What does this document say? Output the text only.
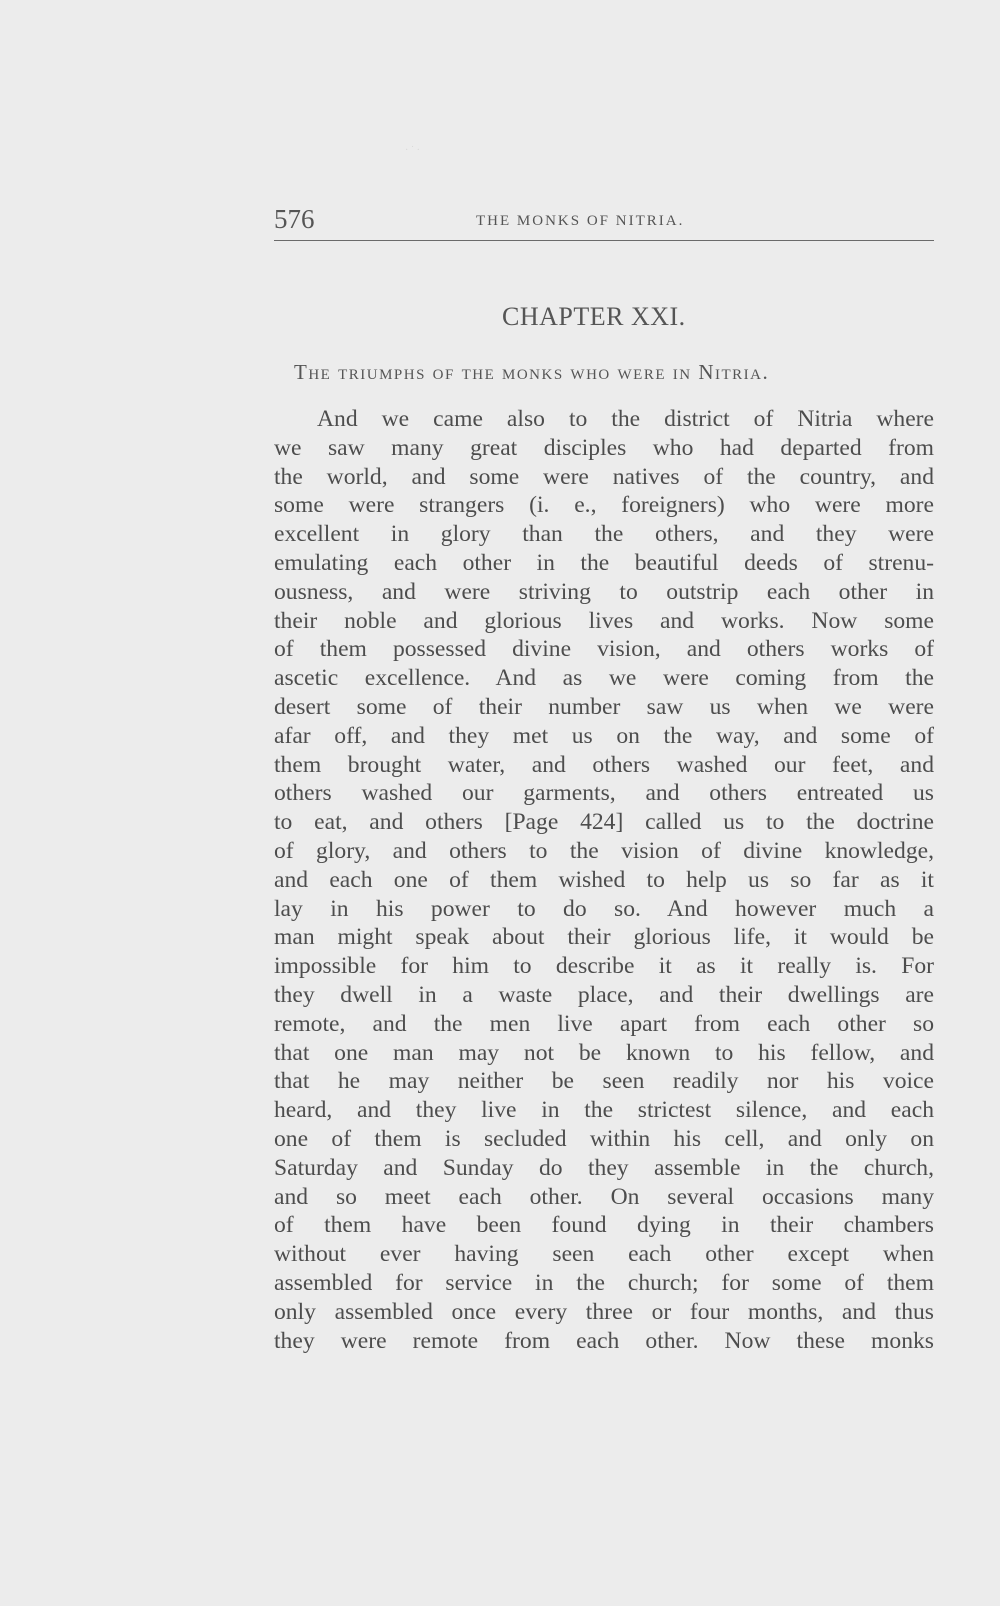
· ˙ ·
576	THE MONKS OF NITRIA.
CHAPTER XXI.
The triumphs of the monks who were in Nitria.
And we came also to the district of Nitria where
we saw many great disciples who had departed from
the world, and some were natives of the country, and
some were strangers (i. e., foreigners) who were more
excellent in glory than the others, and they were
emulating each other in the beautiful deeds of strenu-
ousness, and were striving to outstrip each other in
their noble and glorious lives and works. Now some
of them possessed divine vision, and others works of
ascetic excellence. And as we were coming from the
desert some of their number saw us when we were
afar off, and they met us on the way, and some of
them brought water, and others washed our feet, and
others washed our garments, and others entreated us
to eat, and others [Page 424] called us to the doctrine
of glory, and others to the vision of divine knowledge,
and each one of them wished to help us so far as it
lay in his power to do so. And however much a
man might speak about their glorious life, it would be
impossible for him to describe it as it really is. For
they dwell in a waste place, and their dwellings are
remote, and the men live apart from each other so
that one man may not be known to his fellow, and
that he may neither be seen readily nor his voice
heard, and they live in the strictest silence, and each
one of them is secluded within his cell, and only on
Saturday and Sunday do they assemble in the church,
and so meet each other. On several occasions many
of them have been found dying in their chambers
without ever having seen each other except when
assembled for service in the church; for some of them
only assembled once every three or four months, and thus
they were remote from each other. Now these monks
